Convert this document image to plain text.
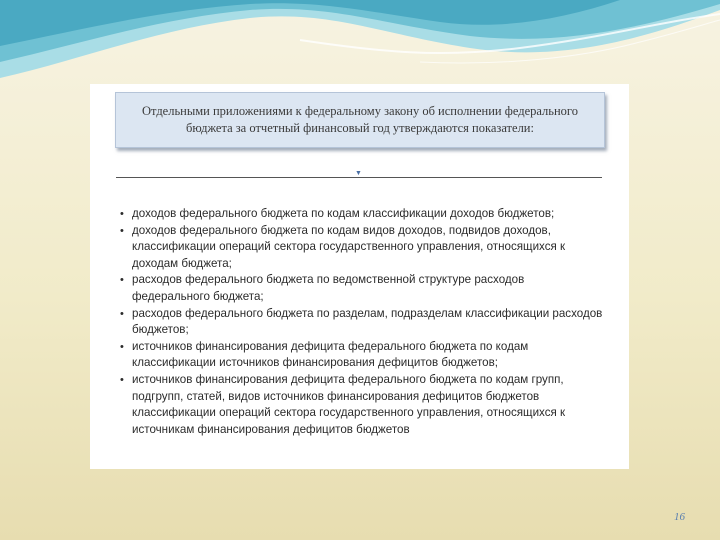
Отдельными приложениями к федеральному закону об исполнении федерального бюджета за отчетный финансовый год утверждаются показатели:
▼
• доходов федерального бюджета по кодам классификации доходов бюджетов;
• доходов федерального бюджета по кодам видов доходов, подвидов доходов, классификации операций сектора государственного управления, относящихся к доходам бюджета;
• расходов федерального бюджета по ведомственной структуре расходов федерального бюджета;
• расходов федерального бюджета по разделам, подразделам классификации расходов бюджетов;
• источников финансирования дефицита федерального бюджета по кодам классификации источников финансирования дефицитов бюджетов;
• источников финансирования дефицита федерального бюджета по кодам групп, подгрупп, статей, видов источников финансирования дефицитов бюджетов классификации операций сектора государственного управления, относящихся к источникам финансирования дефицитов бюджетов
16
